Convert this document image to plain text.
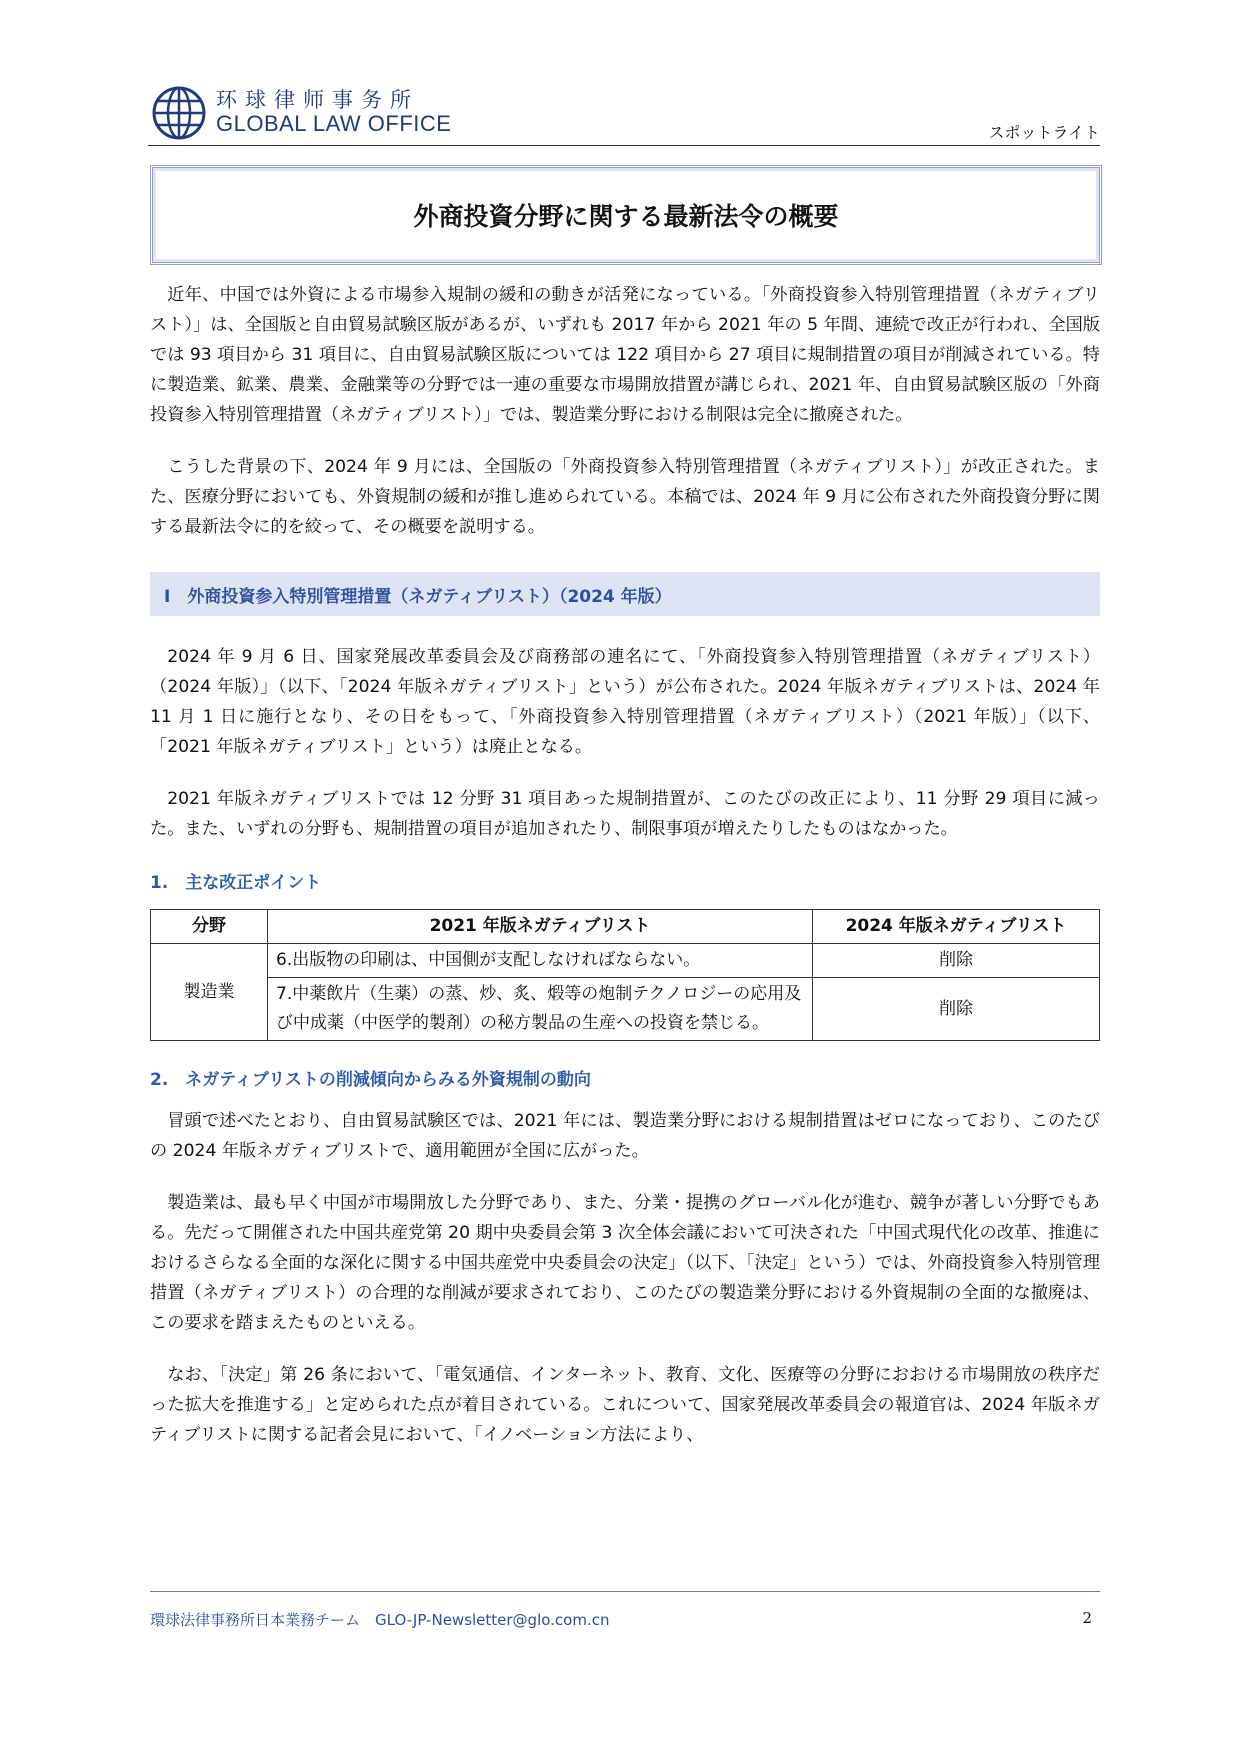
环球律师事务所
GLOBAL LAW OFFICE	スポットライト
外商投資分野に関する最新法令の概要

近年、中国では外資による市場参入規制の緩和の動きが活発になっている。「外商投資参入特別管理措置（ネガティブリスト）」は、全国版と自由貿易試験区版があるが、いずれも 2017 年から 2021 年の 5 年間、連続で改正が行われ、全国版では 93 項目から 31 項目に、自由貿易試験区版については 122 項目から 27 項目に規制措置の項目が削減されている。特に製造業、鉱業、農業、金融業等の分野では一連の重要な市場開放措置が講じられ、2021 年、自由貿易試験区版の「外商投資参入特別管理措置（ネガティブリスト）」では、製造業分野における制限は完全に撤廃された。

こうした背景の下、2024 年 9 月には、全国版の「外商投資参入特別管理措置（ネガティブリスト）」が改正された。また、医療分野においても、外資規制の緩和が推し進められている。本稿では、2024 年 9 月に公布された外商投資分野に関する最新法令に的を絞って、その概要を説明する。

I　外商投資参入特別管理措置（ネガティブリスト）（2024 年版）

2024 年 9 月 6 日、国家発展改革委員会及び商務部の連名にて、「外商投資参入特別管理措置（ネガティブリスト）（2024 年版）」（以下、「2024 年版ネガティブリスト」という）が公布された。2024 年版ネガティブリストは、2024 年 11 月 1 日に施行となり、その日をもって、「外商投資参入特別管理措置（ネガティブリスト）（2021 年版）」（以下、「2021 年版ネガティブリスト」という）は廃止となる。

2021 年版ネガティブリストでは 12 分野 31 項目あった規制措置が、このたびの改正により、11 分野 29 項目に減った。また、いずれの分野も、規制措置の項目が追加されたり、制限事項が増えたりしたものはなかった。

1.　主な改正ポイント
分野	2021 年版ネガティブリスト	2024 年版ネガティブリスト
製造業	6.出版物の印刷は、中国側が支配しなければならない。	削除
	7.中薬飲片（生薬）の蒸、炒、炙、煅等の炮制テクノロジーの応用及び中成薬（中医学的製剤）の秘方製品の生産への投資を禁じる。	削除
2.　ネガティブリストの削減傾向からみる外資規制の動向

冒頭で述べたとおり、自由貿易試験区では、2021 年には、製造業分野における規制措置はゼロになっており、このたびの 2024 年版ネガティブリストで、適用範囲が全国に広がった。

製造業は、最も早く中国が市場開放した分野であり、また、分業・提携のグローバル化が進む、競争が著しい分野でもある。先だって開催された中国共産党第 20 期中央委員会第 3 次全体会議において可決された「中国式現代化の改革、推進におけるさらなる全面的な深化に関する中国共産党中央委員会の決定」（以下、「決定」という）では、外商投資参入特別管理措置（ネガティブリスト）の合理的な削減が要求されており、このたびの製造業分野における外資規制の全面的な撤廃は、この要求を踏まえたものといえる。

なお、「決定」第 26 条において、「電気通信、インターネット、教育、文化、医療等の分野におおける市場開放の秩序だった拡大を推進する」と定められた点が着目されている。これについて、国家発展改革委員会の報道官は、2024 年版ネガティブリストに関する記者会見において、「イノベーション方法により、

環球法律事務所日本業務チーム　GLO-JP-Newsletter@glo.com.cn	2
